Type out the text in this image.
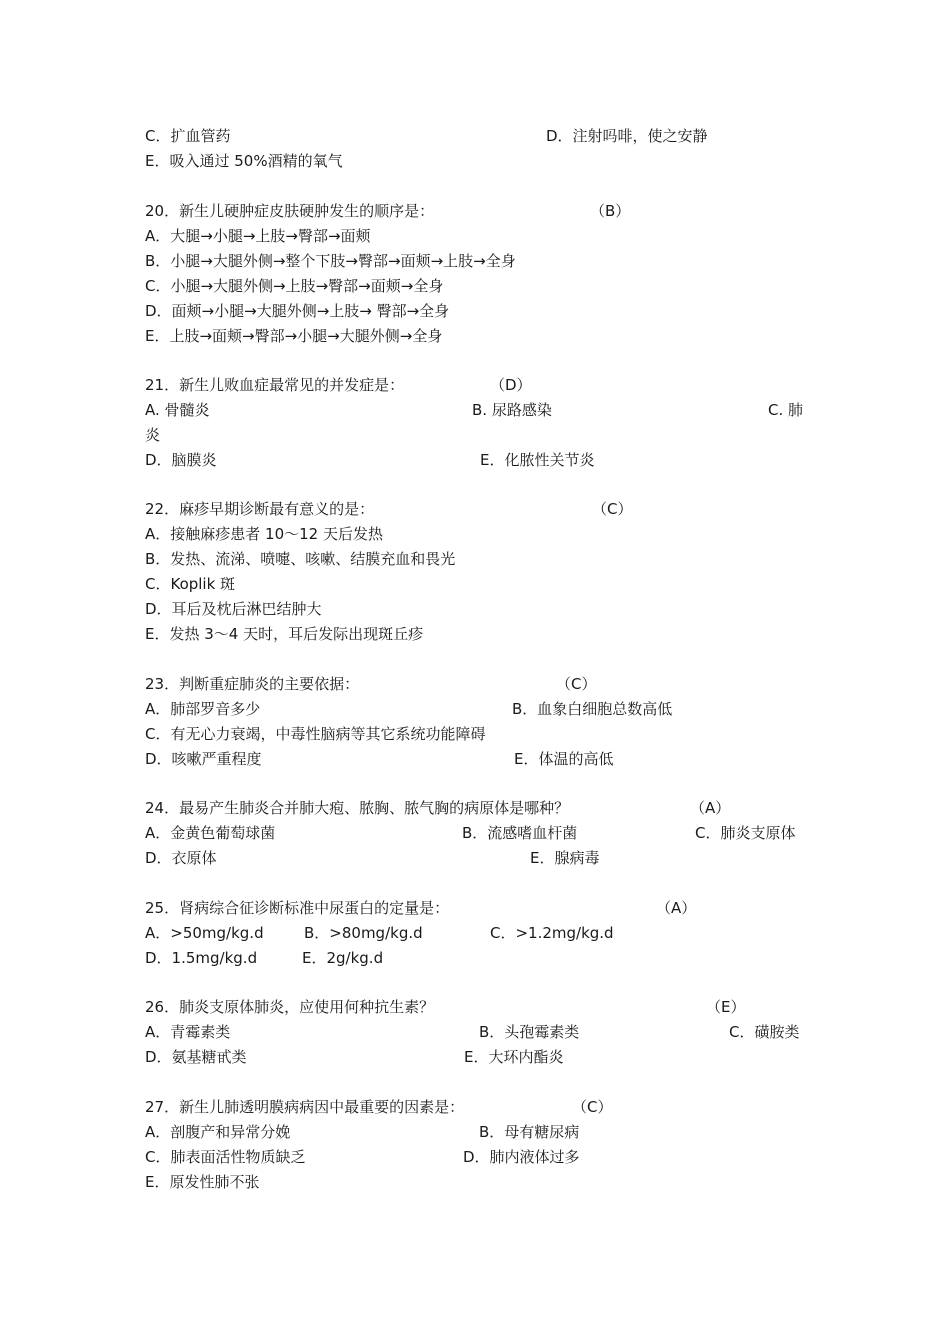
C．扩血管药	D．注射吗啡，使之安静
E．吸入通过 50%酒精的氧气
20．新生儿硬肿症皮肤硬肿发生的顺序是：	（B）
A．大腿→小腿→上肢→臀部→面颊
B．小腿→大腿外侧→整个下肢→臀部→面颊→上肢→全身
C．小腿→大腿外侧→上肢→臀部→面颊→全身
D．面颊→小腿→大腿外侧→上肢→ 臀部→全身
E．上肢→面颊→臀部→小腿→大腿外侧→全身
21．新生儿败血症最常见的并发症是：	（D）
A. 骨髓炎	B. 尿路感染	C. 肺
炎
D．脑膜炎	E．化脓性关节炎
22．麻疹早期诊断最有意义的是：	（C）
A．接触麻疹患者 10～12 天后发热
B．发热、流涕、喷嚏、咳嗽、结膜充血和畏光
C．Koplik 斑
D．耳后及枕后淋巴结肿大
E．发热 3～4 天时，耳后发际出现斑丘疹
23．判断重症肺炎的主要依据：	（C）
A．肺部罗音多少	B．血象白细胞总数高低
C．有无心力衰竭，中毒性脑病等其它系统功能障碍
D．咳嗽严重程度	E．体温的高低
24．最易产生肺炎合并肺大疱、脓胸、脓气胸的病原体是哪种？	（A）
A．金黄色葡萄球菌	B．流感嗜血杆菌	C．肺炎支原体
D．衣原体	E．腺病毒
25．肾病综合征诊断标准中尿蛋白的定量是：	（A）
A．>50mg/kg.d	B．>80mg/kg.d	C．>1.2mg/kg.d
D．1.5mg/kg.d	E．2g/kg.d
26．肺炎支原体肺炎，应使用何种抗生素？	（E）
A．青霉素类	B．头孢霉素类	C．磺胺类
D．氨基糖甙类	E．大环内酯炎
27．新生儿肺透明膜病病因中最重要的因素是：	（C）
A．剖腹产和异常分娩	B．母有糖尿病
C．肺表面活性物质缺乏	D．肺内液体过多
E．原发性肺不张
